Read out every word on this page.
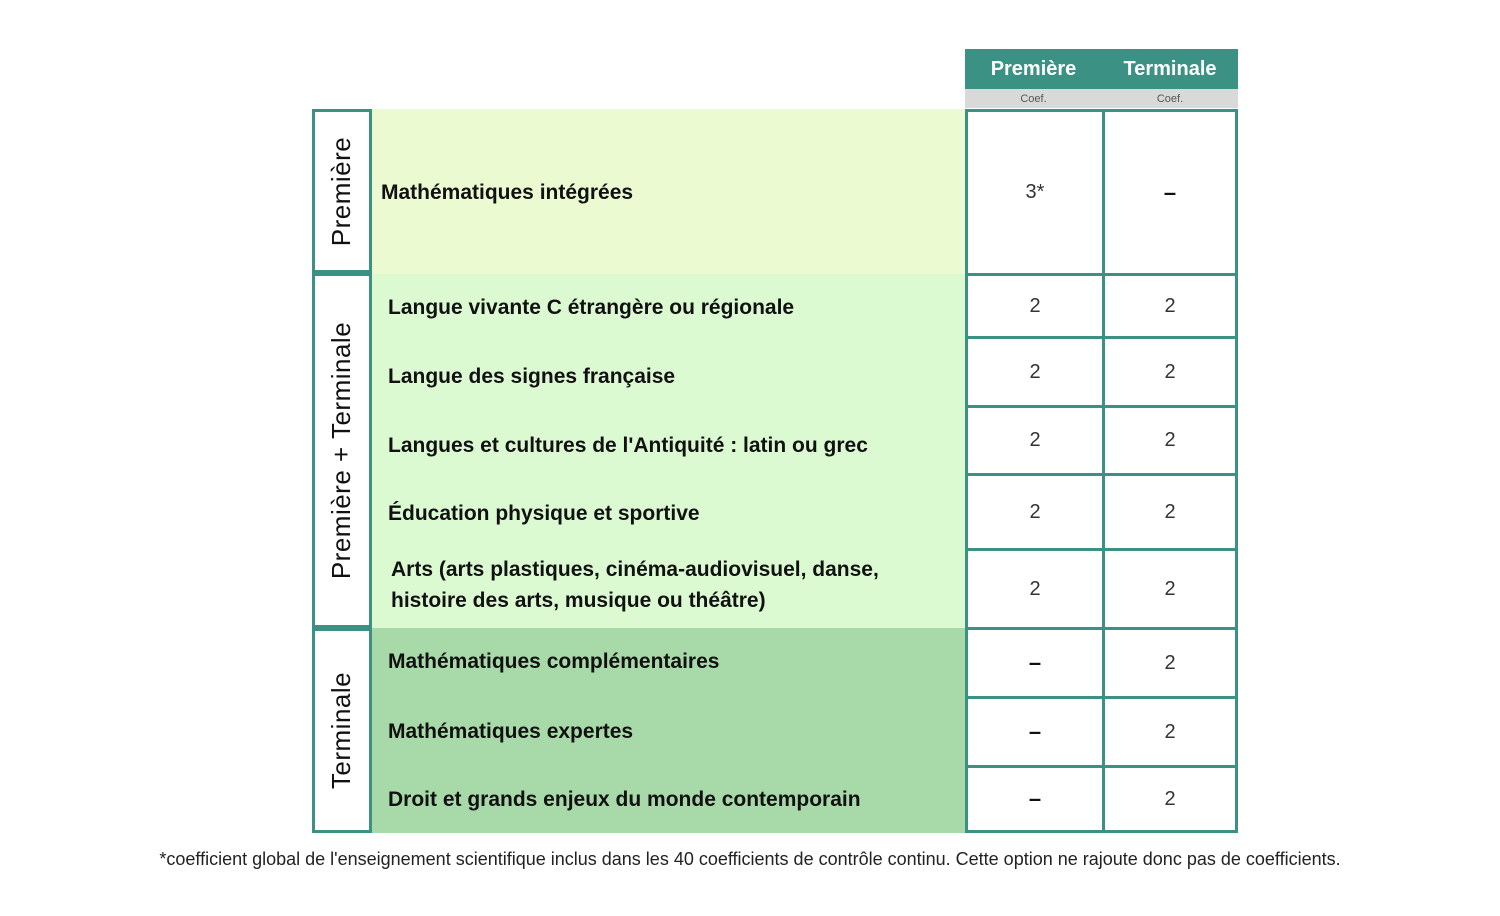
Première	Terminale
Coef.	Coef.
Première
Première + Terminale
Terminale
Mathématiques intégrées
Langue vivante C étrangère ou régionale
Langue des signes française
Langues et cultures de l'Antiquité : latin ou grec
Éducation physique et sportive
Arts (arts plastiques, cinéma-audiovisuel, danse, histoire des arts, musique ou théâtre)
Mathématiques complémentaires
Mathématiques expertes
Droit et grands enjeux du monde contemporain
3*
2
2
2
2
2
–
–
–
–
2
2
2
2
2
2
2
2
*coefficient global de l'enseignement scientifique inclus dans les 40 coefficients de contrôle continu. Cette option ne rajoute donc pas de coefficients.
